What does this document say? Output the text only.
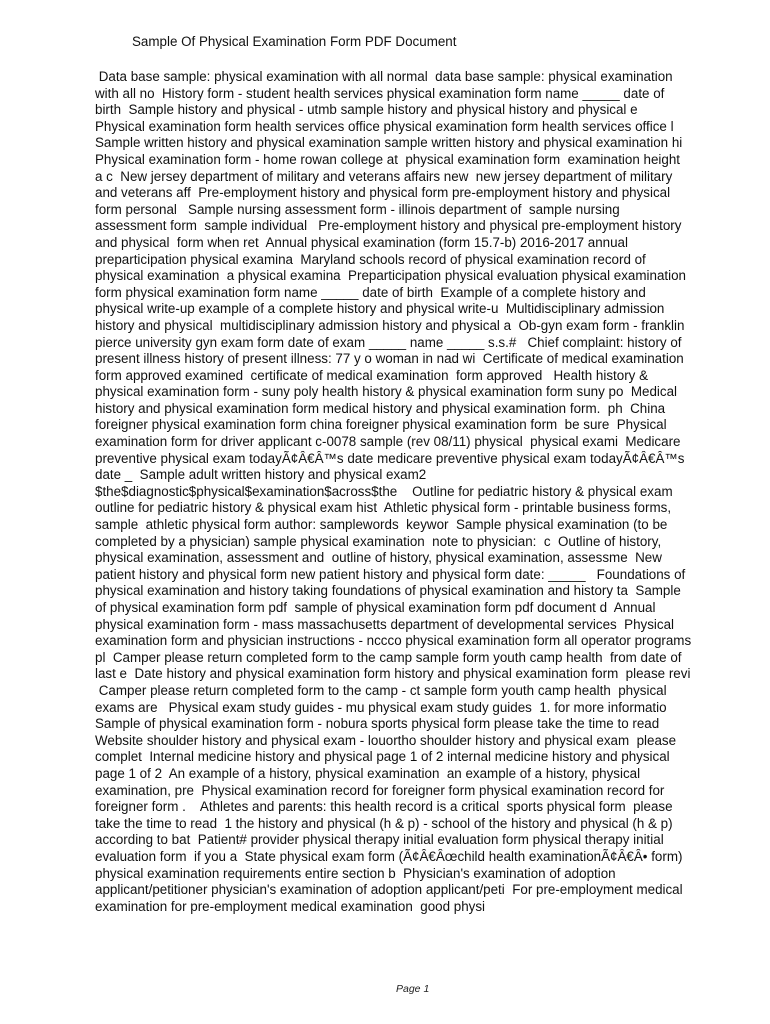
Sample Of Physical Examination Form PDF Document
Data base sample: physical examination with all normal  data base sample: physical examination
with all no  History form - student health services physical examination form name _____ date of
birth  Sample history and physical - utmb sample history and physical history and physical e
Physical examination form health services office physical examination form health services office l
Sample written history and physical examination sample written history and physical examination hi
Physical examination form - home rowan college at  physical examination form  examination height
a c  New jersey department of military and veterans affairs new  new jersey department of military
and veterans aff  Pre-employment history and physical form pre-employment history and physical
form personal   Sample nursing assessment form - illinois department of  sample nursing
assessment form  sample individual   Pre-employment history and physical pre-employment history
and physical  form when ret  Annual physical examination (form 15.7-b) 2016-2017 annual
preparticipation physical examina  Maryland schools record of physical examination record of
physical examination  a physical examina  Preparticipation physical evaluation physical examination
form physical examination form name _____ date of birth  Example of a complete history and
physical write-up example of a complete history and physical write-u  Multidisciplinary admission
history and physical  multidisciplinary admission history and physical a  Ob-gyn exam form - franklin
pierce university gyn exam form date of exam _____ name _____ s.s.#   Chief complaint: history of
present illness history of present illness: 77 y o woman in nad wi  Certificate of medical examination
form approved examined  certificate of medical examination  form approved   Health history &
physical examination form - suny poly health history & physical examination form suny po  Medical
history and physical examination form medical history and physical examination form.  ph  China
foreigner physical examination form china foreigner physical examination form  be sure  Physical
examination form for driver applicant c-0078 sample (rev 08/11) physical  physical exami  Medicare
preventive physical exam todayÃ¢Â€Â™s date medicare preventive physical exam todayÃ¢Â€Â™s
date _  Sample adult written history and physical exam2
$the$diagnostic$physical$examination$across$the    Outline for pediatric history & physical exam
outline for pediatric history & physical exam hist  Athletic physical form - printable business forms,
sample  athletic physical form author: samplewords  keywor  Sample physical examination (to be
completed by a physician) sample physical examination  note to physician:  c  Outline of history,
physical examination, assessment and  outline of history, physical examination, assessme  New
patient history and physical form new patient history and physical form date: _____   Foundations of
physical examination and history taking foundations of physical examination and history ta  Sample
of physical examination form pdf  sample of physical examination form pdf document d  Annual
physical examination form - mass massachusetts department of developmental services  Physical
examination form and physician instructions - nccco physical examination form all operator programs
pl  Camper please return completed form to the camp sample form youth camp health  from date of
last e  Date history and physical examination form history and physical examination form  please revi
Camper please return completed form to the camp - ct sample form youth camp health  physical
exams are   Physical exam study guides - mu physical exam study guides  1. for more informatio
Sample of physical examination form - nobura sports physical form please take the time to read
Website shoulder history and physical exam - louortho shoulder history and physical exam  please
complet  Internal medicine history and physical page 1 of 2 internal medicine history and physical
page 1 of 2  An example of a history, physical examination  an example of a history, physical
examination, pre  Physical examination record for foreigner form physical examination record for
foreigner form .    Athletes and parents: this health record is a critical  sports physical form  please
take the time to read  1 the history and physical (h & p) - school of the history and physical (h & p)
according to bat  Patient# provider physical therapy initial evaluation form physical therapy initial
evaluation form  if you a  State physical exam form (Ã¢Â€Âœchild health examinationÃ¢Â€Â• form)
physical examination requirements entire section b  Physician's examination of adoption
applicant/petitioner physician's examination of adoption applicant/peti  For pre-employment medical
examination for pre-employment medical examination  good physi
Page 1
